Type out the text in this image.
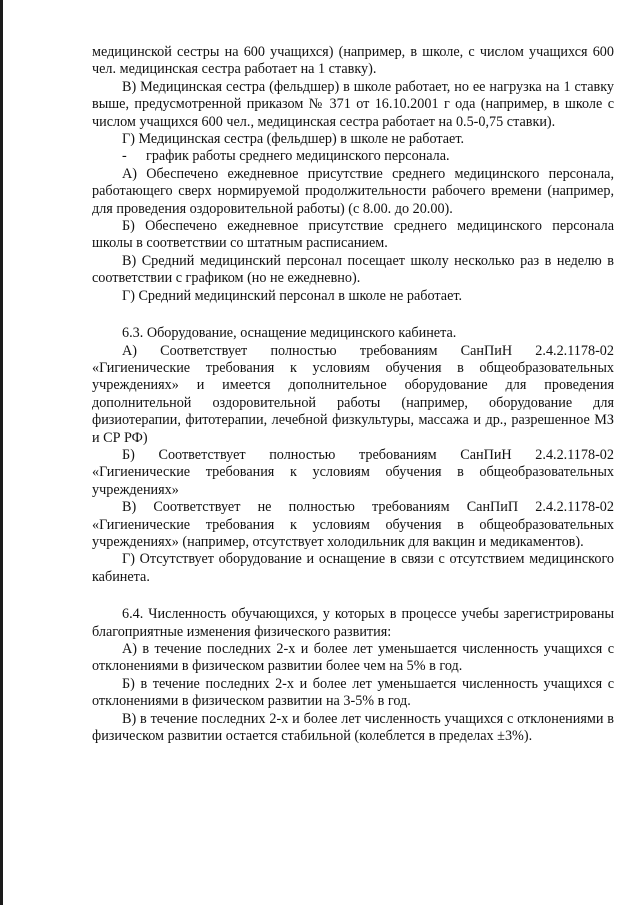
медицинской сестры на 600 учащихся) (например, в школе, с числом учащихся 600 чел. медицинская сестра работает на 1 ставку).

В) Медицинская сестра (фельдшер) в школе работает, но ее нагрузка на 1 ставку выше, предусмотренной приказом № 371 от 16.10.2001 г ода (например, в школе с числом учащихся 600 чел., медицинская сестра работает на 0.5-0,75 ставки).

Г) Медицинская сестра (фельдшер) в школе не работает.

- график работы среднего медицинского персонала.

А) Обеспечено ежедневное присутствие среднего медицинского персонала, работающего сверх нормируемой продолжительности рабочего времени (например, для проведения оздоровительной работы) (с 8.00. до 20.00).

Б) Обеспечено ежедневное присутствие среднего медицинского персонала школы в соответствии со штатным расписанием.

В) Средний медицинский персонал посещает школу несколько раз в неделю в соответствии с графиком (но не ежедневно).

Г) Средний медицинский персонал в школе не работает.

6.3. Оборудование, оснащение медицинского кабинета.

А) Соответствует полностью требованиям СанПиН 2.4.2.1178-02 «Гигиенические требования к условиям обучения в общеобразовательных учреждениях» и имеется дополнительное оборудование для проведения дополнительной оздоровительной работы (например, оборудование для физиотерапии, фитотерапии, лечебной физкультуры, массажа и др., разрешенное МЗ и СР РФ)

Б) Соответствует полностью требованиям СанПиН 2.4.2.1178-02 «Гигиенические требования к условиям обучения в общеобразовательных учреждениях»

В) Соответствует не полностью требованиям СанПиП 2.4.2.1178-02 «Гигиенические требования к условиям обучения в общеобразовательных учреждениях» (например, отсутствует холодильник для вакцин и медикаментов).

Г) Отсутствует оборудование и оснащение в связи с отсутствием медицинского кабинета.

6.4. Численность обучающихся, у которых в процессе учебы зарегистрированы благоприятные изменения физического развития:

А) в течение последних 2-х и более лет уменьшается численность учащихся с отклонениями в физическом развитии более чем на 5% в год.

Б) в течение последних 2-х и более лет уменьшается численность учащихся с отклонениями в физическом развитии на 3-5% в год.

В) в течение последних 2-х и более лет численность учащихся с отклонениями в физическом развитии остается стабильной (колеблется в пределах ±3%).
